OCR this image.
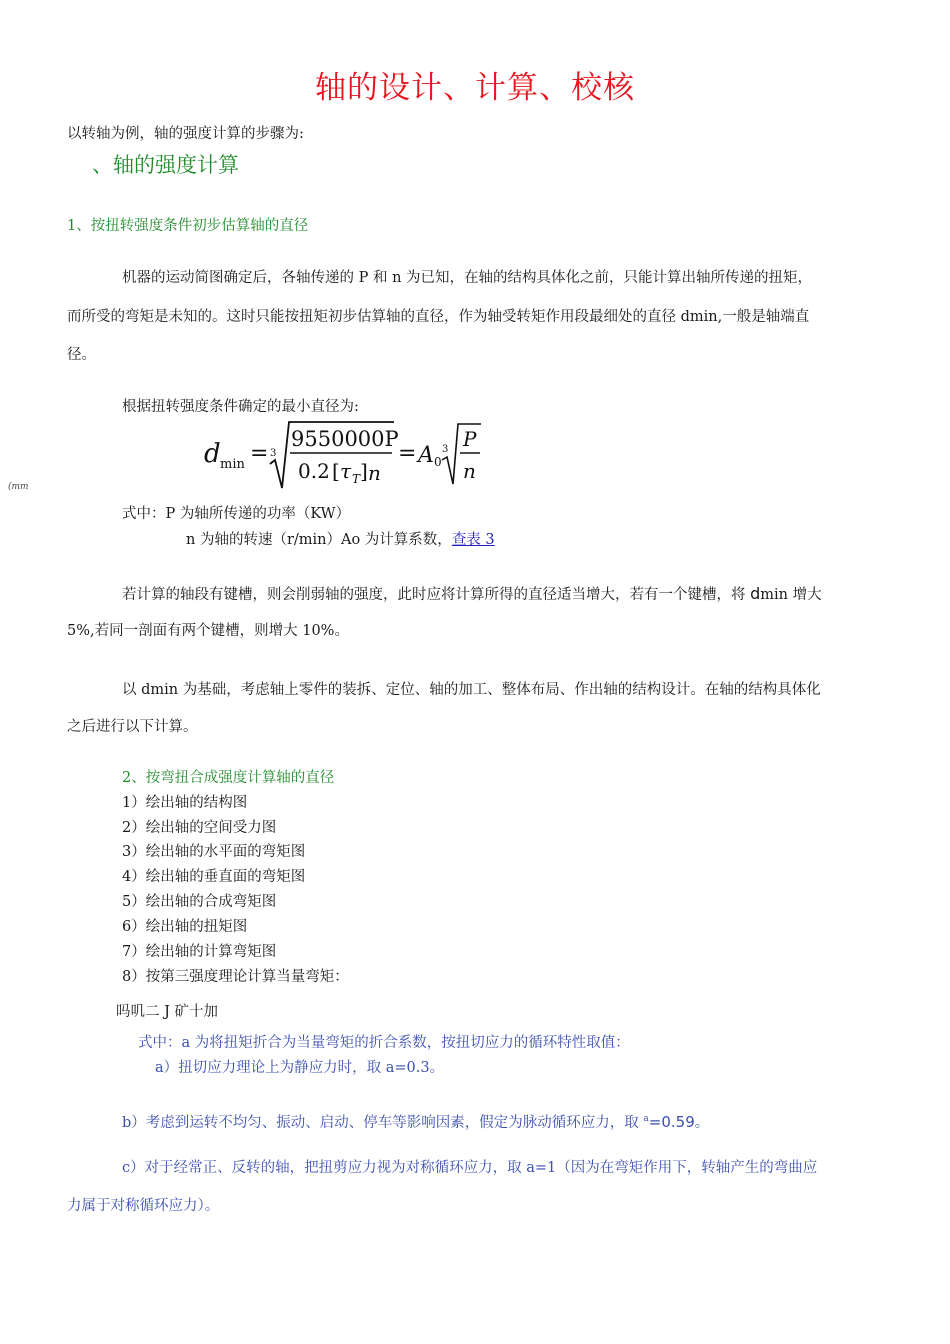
轴的设计、计算、校核
以转轴为例，轴的强度计算的步骤为:
、轴的强度计算
1、按扭转强度条件初步估算轴的直径
机器的运动简图确定后，各轴传递的 P 和 n 为已知，在轴的结构具体化之前，只能计算出轴所传递的扭矩，
而所受的弯矩是未知的。这时只能按扭矩初步估算轴的直径，作为轴受转矩作用段最细处的直径 dmin,一般是轴端直
径。
根据扭转强度条件确定的最小直径为:
d min = 3
9550000P
0.2 [ τ T ] n
= A 0
3 P
n
(mm
式中：P 为轴所传递的功率（KW）
n 为轴的转速（r/min）Ao 为计算系数，查表 3
若计算的轴段有键槽，则会削弱轴的强度，此时应将计算所得的直径适当增大，若有一个键槽，将 dmin 增大
5%,若同一剖面有两个键槽，则增大 10%。
以 dmin 为基础，考虑轴上零件的装拆、定位、轴的加工、整体布局、作出轴的结构设计。在轴的结构具体化
之后进行以下计算。
2、按弯扭合成强度计算轴的直径
1）绘出轴的结构图
2）绘出轴的空间受力图
3）绘出轴的水平面的弯矩图
4）绘出轴的垂直面的弯矩图
5）绘出轴的合成弯矩图
6）绘出轴的扭矩图
7）绘出轴的计算弯矩图
8）按第三强度理论计算当量弯矩：
吗叽二 J 矿十加
式中：a 为将扭矩折合为当量弯矩的折合系数，按扭切应力的循环特性取值：
a）扭切应力理论上为静应力时，取 a=0.3。
b）考虑到运转不均匀、振动、启动、停车等影响因素，假定为脉动循环应力，取 $^a$=0.59。
c）对于经常正、反转的轴，把扭剪应力视为对称循环应力，取 a=1（因为在弯矩作用下，转轴产生的弯曲应
力属于对称循环应力）。
